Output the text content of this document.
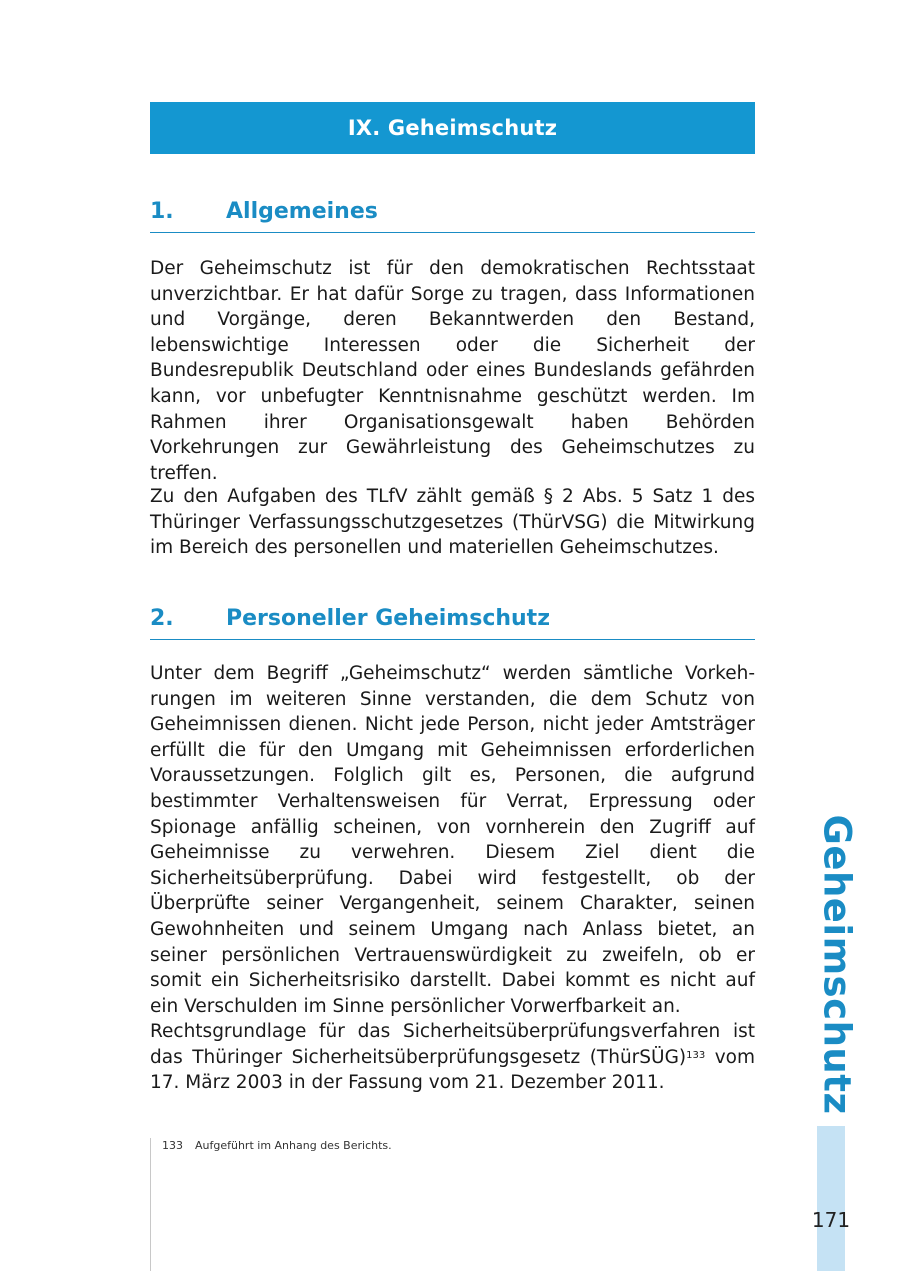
IX. Geheimschutz
1. Allgemeines

Der Geheimschutz ist für den demokratischen Rechtsstaat unverzichtbar. Er hat dafür Sorge zu tragen, dass Informationen und Vorgänge, deren Bekanntwerden den Bestand, lebenswichtige Interessen oder die Sicherheit der Bundesrepublik Deutschland oder eines Bundeslands gefährden kann, vor unbefugter Kenntnisnahme geschützt werden. Im Rahmen ihrer Organisationsgewalt haben Behörden Vorkehrungen zur Gewährleistung des Geheimschutzes zu treffen.

Zu den Aufgaben des TLfV zählt gemäß § 2 Abs. 5 Satz 1 des Thüringer Verfassungsschutzgesetzes (ThürVSG) die Mitwirkung im Bereich des personellen und materiellen Geheimschutzes.

2. Personeller Geheimschutz

Unter dem Begriff „Geheimschutz“ werden sämtliche Vorkehrungen im weiteren Sinne verstanden, die dem Schutz von Geheimnissen dienen. Nicht jede Person, nicht jeder Amtsträger erfüllt die für den Umgang mit Geheimnissen erforderlichen Voraussetzungen. Folglich gilt es, Personen, die aufgrund bestimmter Verhaltensweisen für Verrat, Erpressung oder Spionage anfällig scheinen, von vornherein den Zugriff auf Geheimnisse zu verwehren. Diesem Ziel dient die Sicherheitsüberprüfung. Dabei wird festgestellt, ob der Überprüfte seiner Vergangenheit, seinem Charakter, seinen Gewohnheiten und seinem Umgang nach Anlass bietet, an seiner persönlichen Vertrauenswürdigkeit zu zweifeln, ob er somit ein Sicherheitsrisiko darstellt. Dabei kommt es nicht auf ein Verschulden im Sinne persönlicher Vorwerfbarkeit an.

Rechtsgrundlage für das Sicherheitsüberprüfungsverfahren ist das Thüringer Sicherheitsüberprüfungsgesetz (ThürSÜG)$^{133}$ vom 17. März 2003 in der Fassung vom 21. Dezember 2011.

133 Aufgeführt im Anhang des Berichts.
Geheimschutz
171
